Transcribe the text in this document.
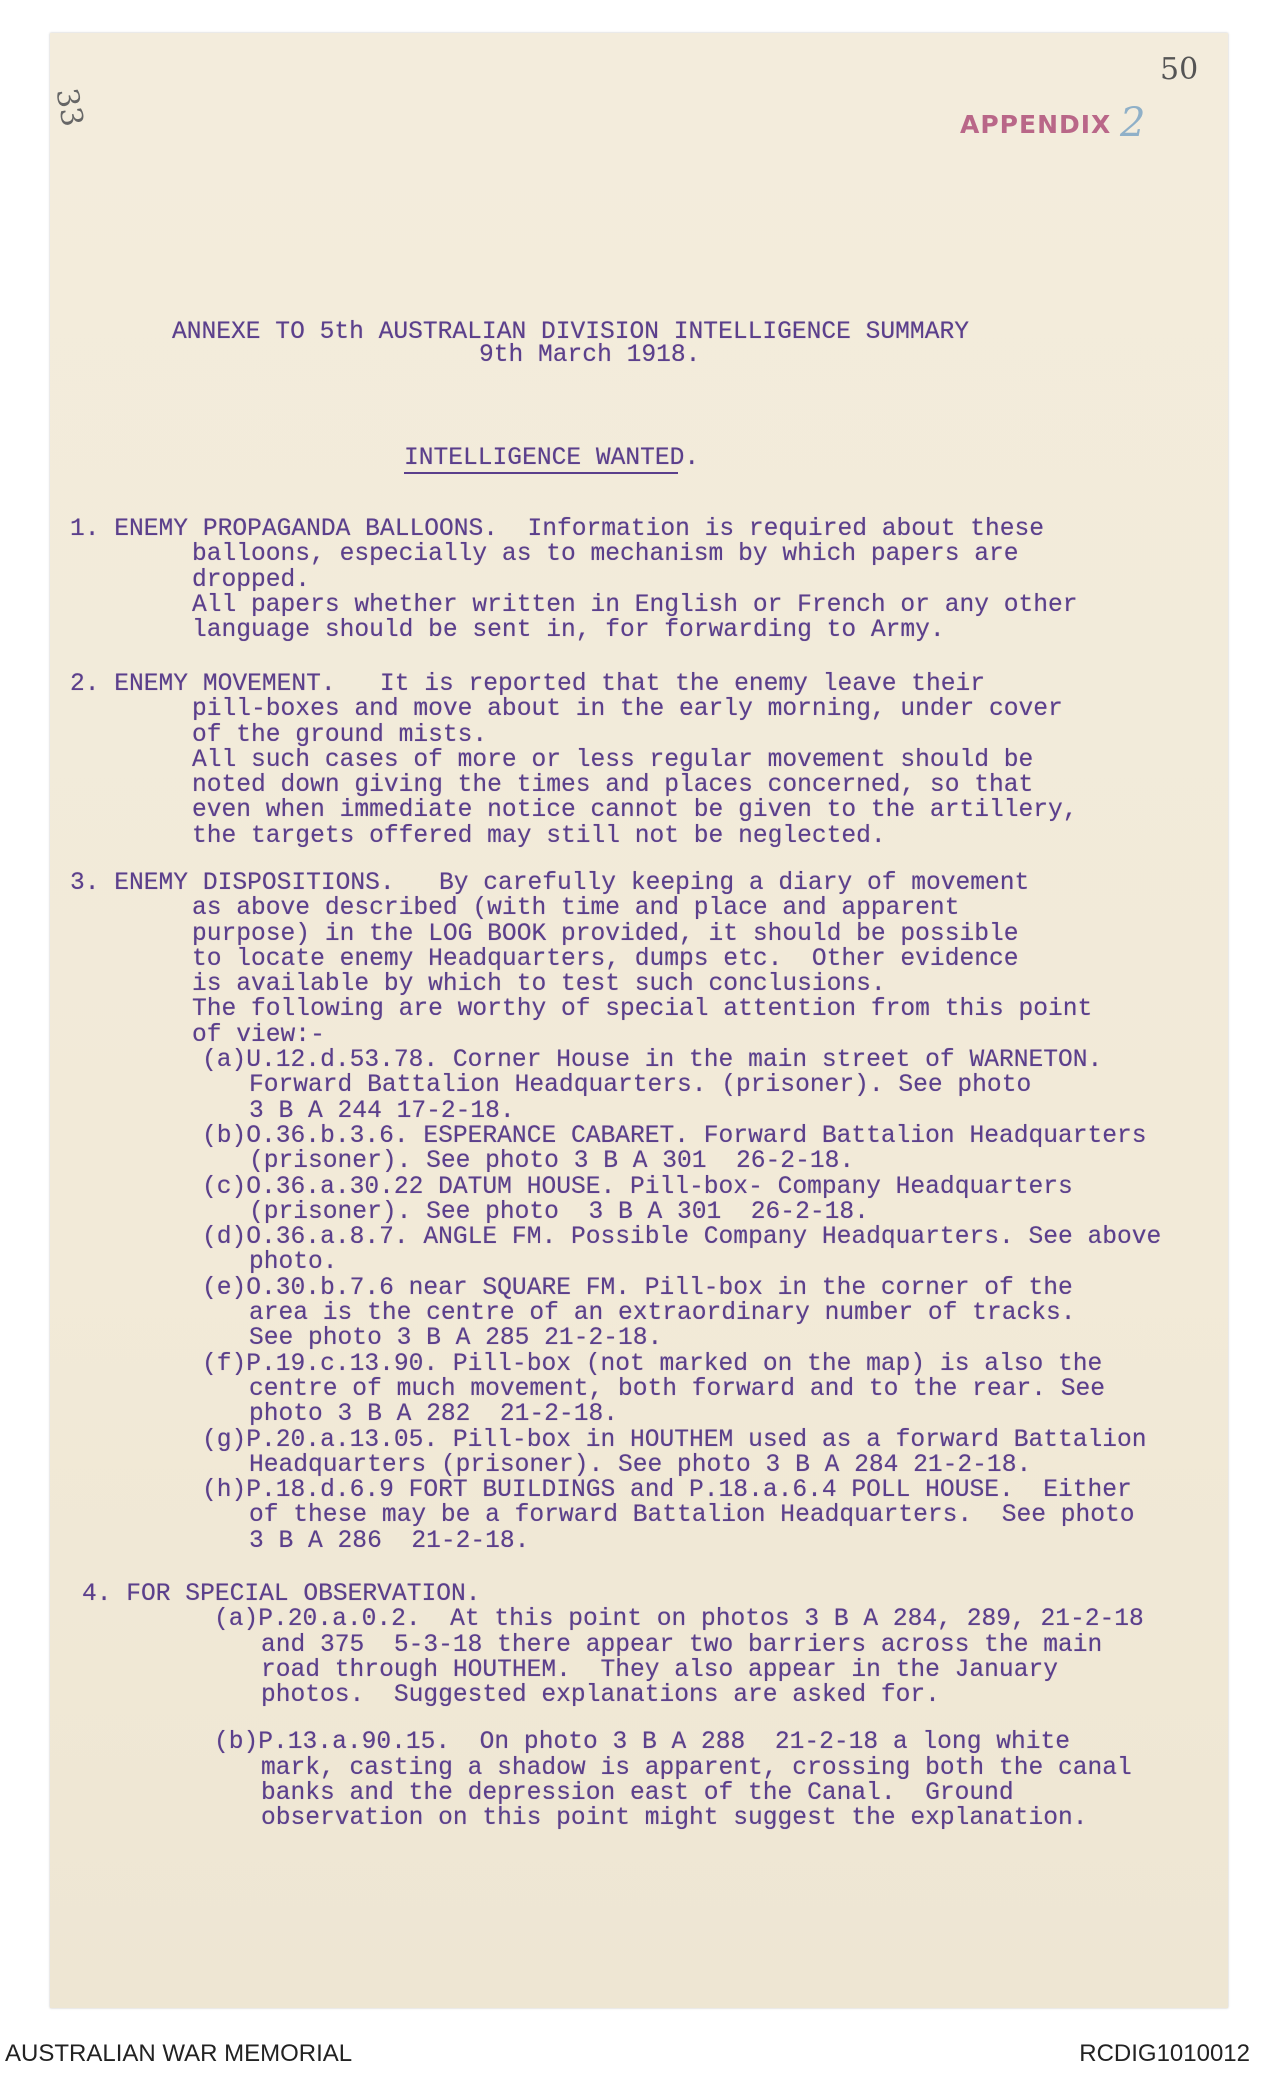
33
50
APPENDIX 2
ANNEXE TO 5th AUSTRALIAN DIVISION INTELLIGENCE SUMMARY
9th March 1918.
INTELLIGENCE WANTED.
1. ENEMY PROPAGANDA BALLOONS.  Information is required about these
balloons, especially as to mechanism by which papers are
dropped.
All papers whether written in English or French or any other
language should be sent in, for forwarding to Army.
2. ENEMY MOVEMENT.   It is reported that the enemy leave their
pill-boxes and move about in the early morning, under cover
of the ground mists.
All such cases of more or less regular movement should be
noted down giving the times and places concerned, so that
even when immediate notice cannot be given to the artillery,
the targets offered may still not be neglected.
3. ENEMY DISPOSITIONS.   By carefully keeping a diary of movement
as above described (with time and place and apparent
purpose) in the LOG BOOK provided, it should be possible
to locate enemy Headquarters, dumps etc.  Other evidence
is available by which to test such conclusions.
The following are worthy of special attention from this point
of view:-
(a)U.12.d.53.78. Corner House in the main street of WARNETON.
Forward Battalion Headquarters. (prisoner). See photo
3 B A 244 17-2-18.
(b)O.36.b.3.6. ESPERANCE CABARET. Forward Battalion Headquarters
(prisoner). See photo 3 B A 301  26-2-18.
(c)O.36.a.30.22 DATUM HOUSE. Pill-box- Company Headquarters
(prisoner). See photo  3 B A 301  26-2-18.
(d)O.36.a.8.7. ANGLE FM. Possible Company Headquarters. See above
photo.
(e)O.30.b.7.6 near SQUARE FM. Pill-box in the corner of the
area is the centre of an extraordinary number of tracks.
See photo 3 B A 285 21-2-18.
(f)P.19.c.13.90. Pill-box (not marked on the map) is also the
centre of much movement, both forward and to the rear. See
photo 3 B A 282  21-2-18.
(g)P.20.a.13.05. Pill-box in HOUTHEM used as a forward Battalion
Headquarters (prisoner). See photo 3 B A 284 21-2-18.
(h)P.18.d.6.9 FORT BUILDINGS and P.18.a.6.4 POLL HOUSE.  Either
of these may be a forward Battalion Headquarters.  See photo
3 B A 286  21-2-18.
4. FOR SPECIAL OBSERVATION.
(a)P.20.a.0.2.  At this point on photos 3 B A 284, 289, 21-2-18
and 375  5-3-18 there appear two barriers across the main
road through HOUTHEM.  They also appear in the January
photos.  Suggested explanations are asked for.
(b)P.13.a.90.15.  On photo 3 B A 288  21-2-18 a long white
mark, casting a shadow is apparent, crossing both the canal
banks and the depression east of the Canal.  Ground
observation on this point might suggest the explanation.
AUSTRALIAN WAR MEMORIAL	RCDIG1010012
